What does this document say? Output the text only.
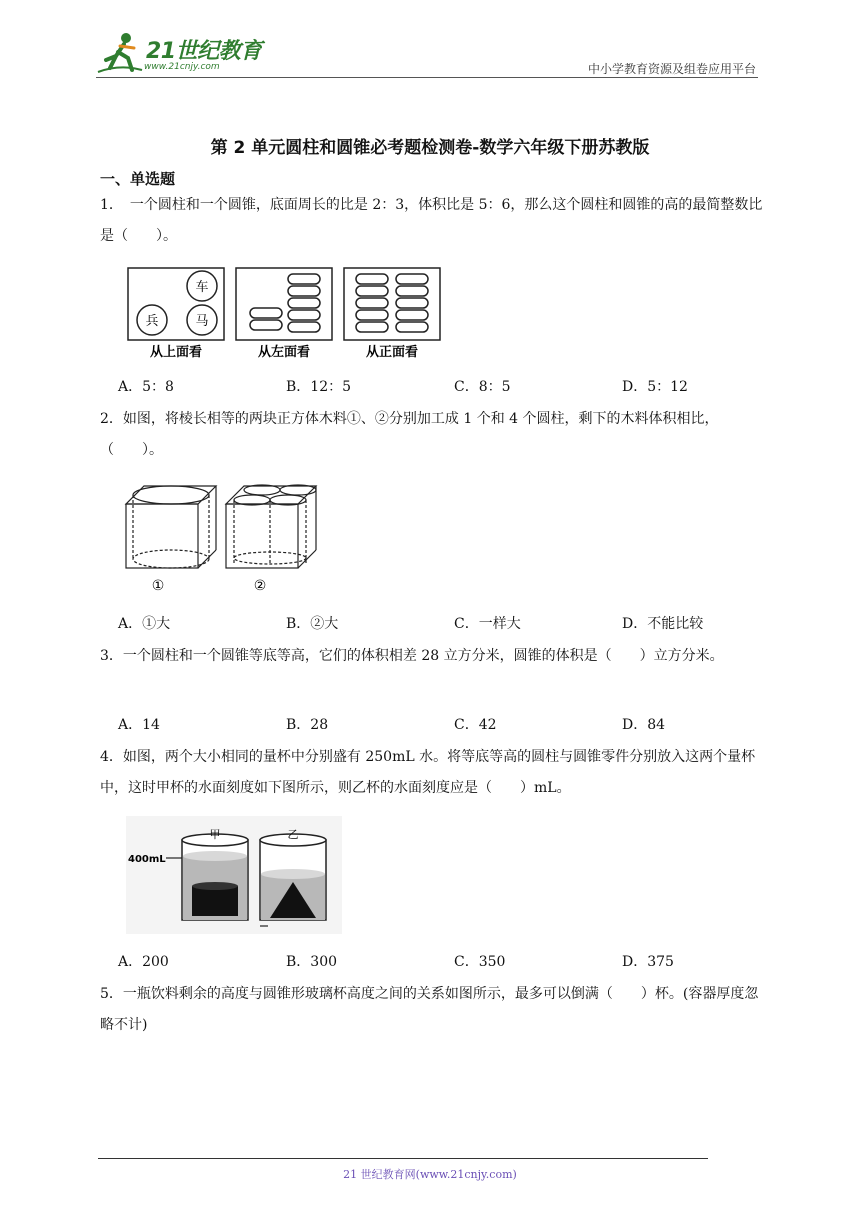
21世纪教育
www.21cnjy.com	中小学教育资源及组卷应用平台
第 2 单元圆柱和圆锥必考题检测卷-数学六年级下册苏教版
一、单选题
1．　一个圆柱和一个圆锥，底面周长的比是 2：3，体积比是 5：6，那么这个圆柱和圆锥的高的最简整数比是（　　）。
车
兵	马
从上面看	从左面看	从正面看
A．5：8	B．12：5	C．8：5	D．5：12
2．如图，将棱长相等的两块正方体木料①、②分别加工成 1 个和 4 个圆柱，剩下的木料体积相比，（　　）。
①	②
A．①大	B．②大	C．一样大	D．不能比较
3．一个圆柱和一个圆锥等底等高，它们的体积相差 28 立方分米，圆锥的体积是（　　）立方分米。
A．14	B．28	C．42	D．84
4．如图，两个大小相同的量杯中分别盛有 250mL 水。将等底等高的圆柱与圆锥零件分别放入这两个量杯中，这时甲杯的水面刻度如下图所示，则乙杯的水面刻度应是（　　）mL。
400mL
甲	乙
A．200	B．300	C．350	D．375
5．一瓶饮料剩余的高度与圆锥形玻璃杯高度之间的关系如图所示，最多可以倒满（　　）杯。(容器厚度忽略不计)
21 世纪教育网(www.21cnjy.com)
